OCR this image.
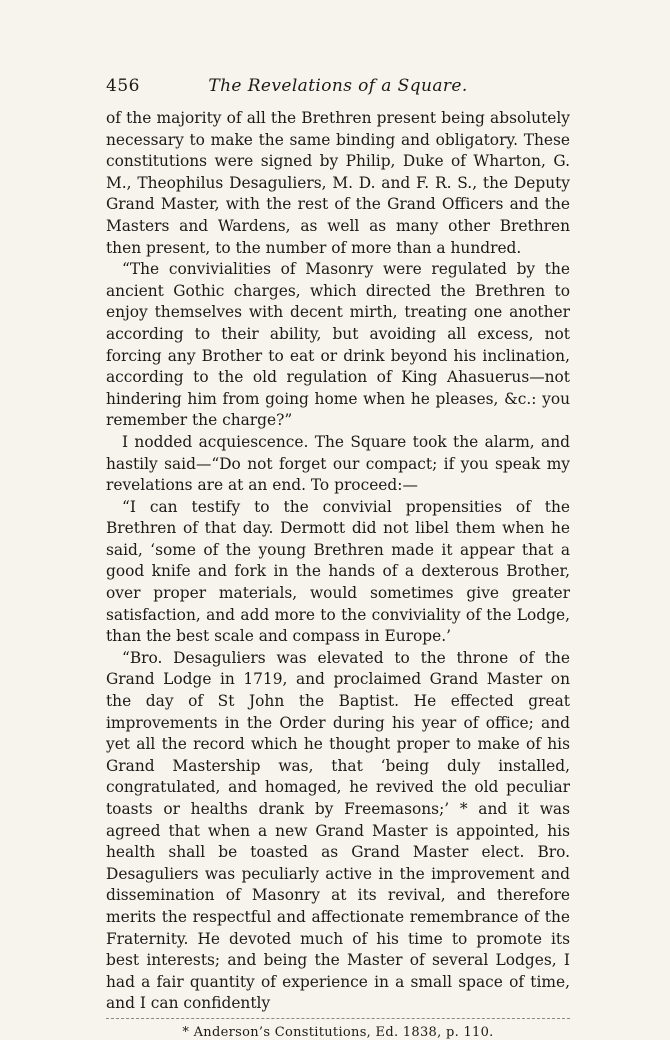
456	The Revelations of a Square.

of the majority of all the Brethren present being absolutely necessary to make the same binding and obligatory. These constitutions were signed by Philip, Duke of Wharton, G. M., Theophilus Desaguliers, M. D. and F. R. S., the Deputy Grand Master, with the rest of the Grand Officers and the Masters and Wardens, as well as many other Brethren then present, to the number of more than a hundred.

“The convivialities of Masonry were regulated by the ancient Gothic charges, which directed the Brethren to enjoy themselves with decent mirth, treating one another according to their ability, but avoiding all excess, not forcing any Brother to eat or drink beyond his inclination, according to the old regulation of King Ahasuerus—not hindering him from going home when he pleases, &c.: you remember the charge?”

I nodded acquiescence. The Square took the alarm, and hastily said—“Do not forget our compact; if you speak my revelations are at an end. To proceed:—

“I can testify to the convivial propensities of the Brethren of that day. Dermott did not libel them when he said, ‘some of the young Brethren made it appear that a good knife and fork in the hands of a dexterous Brother, over proper materials, would sometimes give greater satisfaction, and add more to the conviviality of the Lodge, than the best scale and compass in Europe.’

“Bro. Desaguliers was elevated to the throne of the Grand Lodge in 1719, and proclaimed Grand Master on the day of St John the Baptist. He effected great improvements in the Order during his year of office; and yet all the record which he thought proper to make of his Grand Mastership was, that ‘being duly installed, congratulated, and homaged, he revived the old peculiar toasts or healths drank by Freemasons;’ * and it was agreed that when a new Grand Master is appointed, his health shall be toasted as Grand Master elect. Bro. Desaguliers was peculiarly active in the improvement and dissemination of Masonry at its revival, and therefore merits the respectful and affectionate remembrance of the Fraternity. He devoted much of his time to promote its best interests; and being the Master of several Lodges, I had a fair quantity of experience in a small space of time, and I can confidently

* Anderson’s Constitutions, Ed. 1838, p. 110.
